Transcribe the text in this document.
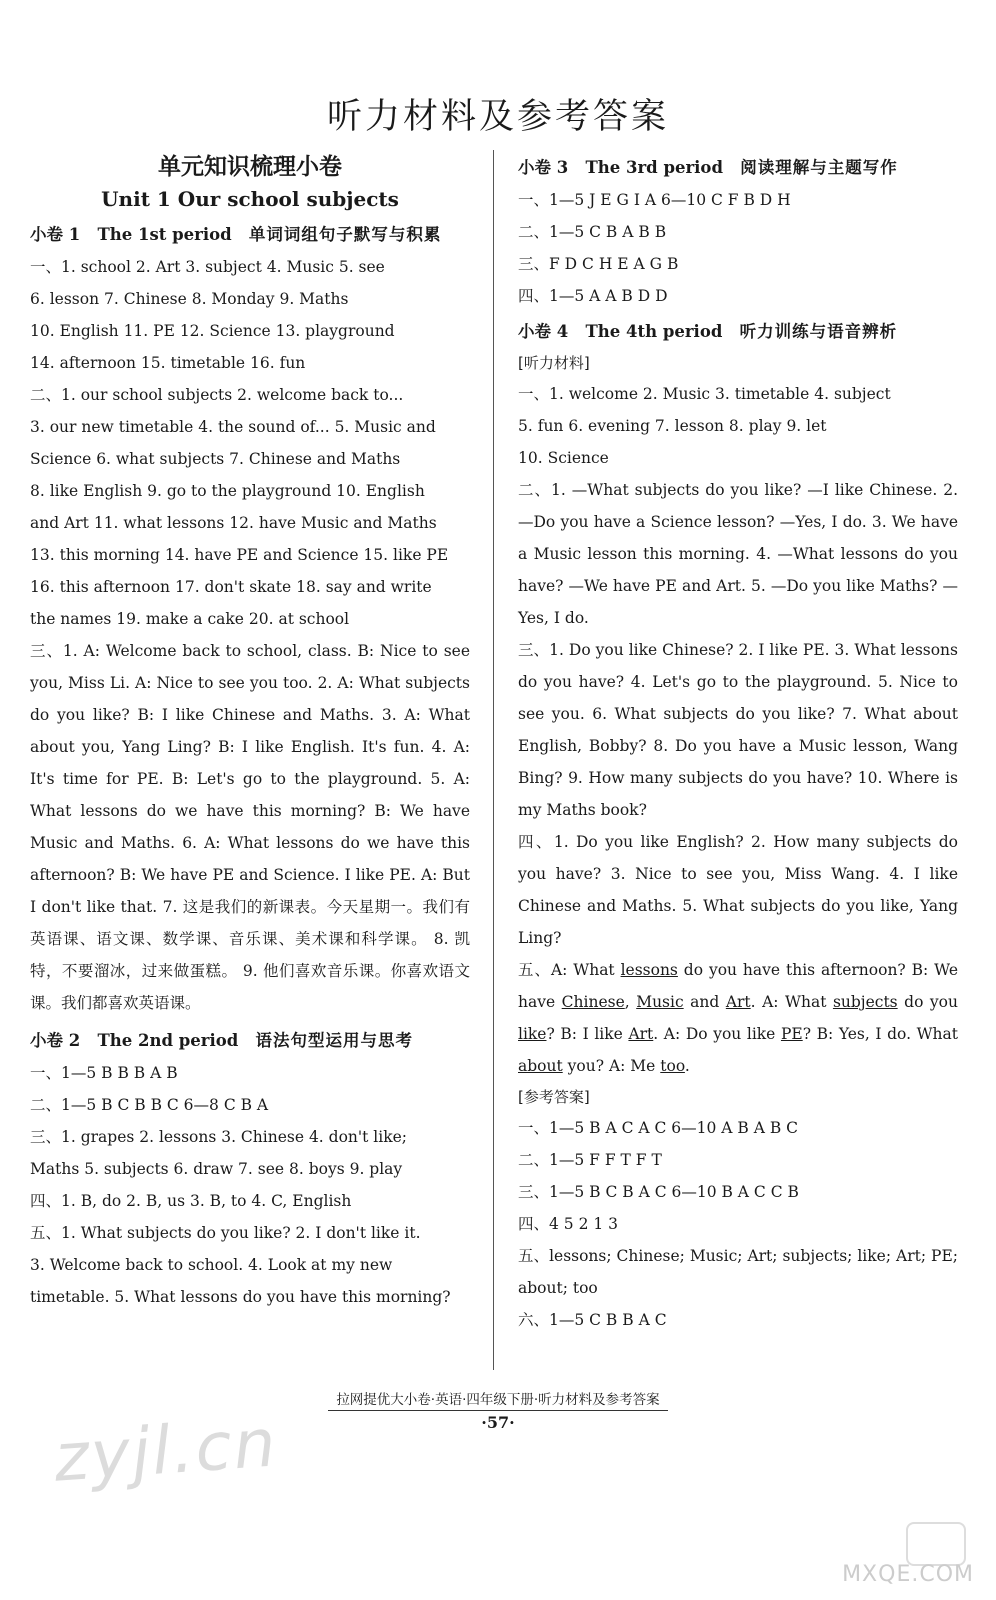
听力材料及参考答案
单元知识梳理小卷
Unit 1 Our school subjects
小卷 1 The 1st period 单词词组句子默写与积累
一、1. school 2. Art 3. subject 4. Music 5. see
6. lesson 7. Chinese 8. Monday 9. Maths
10. English 11. PE 12. Science 13. playground
14. afternoon 15. timetable 16. fun
二、1. our school subjects 2. welcome back to...
3. our new timetable 4. the sound of... 5. Music and
Science 6. what subjects 7. Chinese and Maths
8. like English 9. go to the playground 10. English
and Art 11. what lessons 12. have Music and Maths
13. this morning 14. have PE and Science 15. like PE
16. this afternoon 17. don't skate 18. say and write
the names 19. make a cake 20. at school
三、1. A: Welcome back to school, class. B: Nice to see you, Miss Li. A: Nice to see you too. 2. A: What subjects do you like? B: I like Chinese and Maths. 3. A: What about you, Yang Ling? B: I like English. It's fun. 4. A: It's time for PE. B: Let's go to the playground. 5. A: What lessons do we have this morning? B: We have Music and Maths. 6. A: What lessons do we have this afternoon? B: We have PE and Science. I like PE. A: But I don't like that. 7. 这是我们的新课表。今天星期一。我们有英语课、语文课、数学课、音乐课、美术课和科学课。 8. 凯特，不要溜冰，过来做蛋糕。 9. 他们喜欢音乐课。你喜欢语文课。我们都喜欢英语课。
小卷 2 The 2nd period 语法句型运用与思考
一、1—5 B B B A B
二、1—5 B C B B C 6—8 C B A
三、1. grapes 2. lessons 3. Chinese 4. don't like;
Maths 5. subjects 6. draw 7. see 8. boys 9. play
四、1. B, do 2. B, us 3. B, to 4. C, English
五、1. What subjects do you like? 2. I don't like it.
3. Welcome back to school. 4. Look at my new
timetable. 5. What lessons do you have this morning?
小卷 3 The 3rd period 阅读理解与主题写作
一、1—5 J E G I A 6—10 C F B D H
二、1—5 C B A B B
三、F D C H E A G B
四、1—5 A A B D D
小卷 4 The 4th period 听力训练与语音辨析
[听力材料]
一、1. welcome 2. Music 3. timetable 4. subject
5. fun 6. evening 7. lesson 8. play 9. let
10. Science
二、1. —What subjects do you like? —I like Chinese. 2. —Do you have a Science lesson? —Yes, I do. 3. We have a Music lesson this morning. 4. —What lessons do you have? —We have PE and Art. 5. —Do you like Maths? —Yes, I do.
三、1. Do you like Chinese? 2. I like PE. 3. What lessons do you have? 4. Let's go to the playground. 5. Nice to see you. 6. What subjects do you like? 7. What about English, Bobby? 8. Do you have a Music lesson, Wang Bing? 9. How many subjects do you have? 10. Where is my Maths book?
四、1. Do you like English? 2. How many subjects do you have? 3. Nice to see you, Miss Wang. 4. I like Chinese and Maths. 5. What subjects do you like, Yang Ling?
五、A: What lessons do you have this afternoon? B: We have Chinese, Music and Art. A: What subjects do you like? B: I like Art. A: Do you like PE? B: Yes, I do. What about you? A: Me too.
[参考答案]
一、1—5 B A C A C 6—10 A B A B C
二、1—5 F F T F T
三、1—5 B C B A C 6—10 B A C C B
四、4 5 2 1 3
五、lessons; Chinese; Music; Art; subjects; like; Art; PE; about; too
六、1—5 C B B A C
拉网提优大小卷·英语·四年级下册·听力材料及参考答案
·57·
zyjl.cn
MXQE.COM
